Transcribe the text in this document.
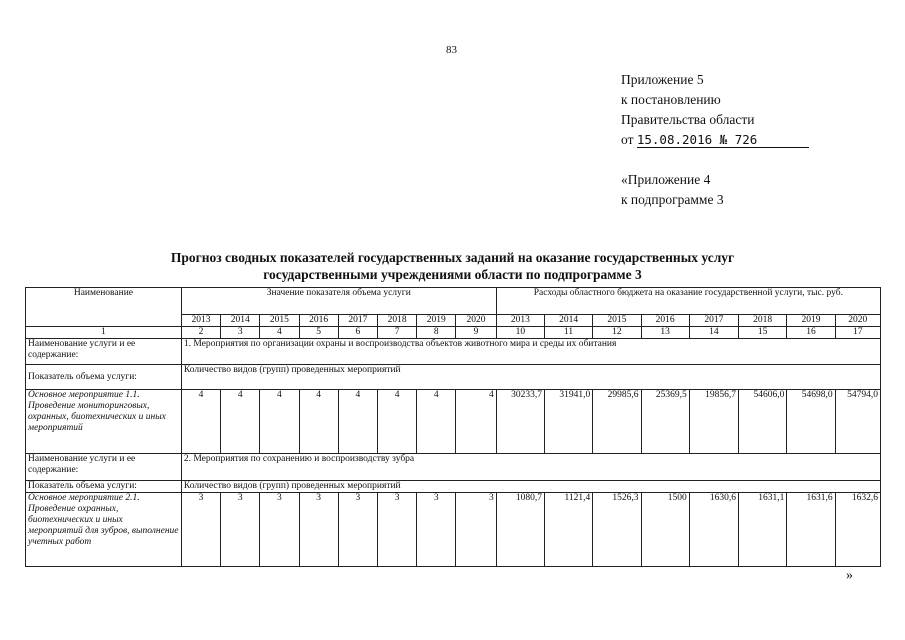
83
Приложение 5
к постановлению
Правительства области
от 15.08.2016 № 726
«Приложение 4
к подпрограмме 3
Прогноз сводных показателей государственных заданий на оказание государственных услуг
государственными учреждениями области по подпрограмме 3
Наименование	Значение показателя объема услуги								Расходы областного бюджета на оказание государственной услуги, тыс. руб.							
	2013	2014	2015	2016	2017	2018	2019	2020	2013	2014	2015	2016	2017	2018	2019	2020
1	2	3	4	5	6	7	8	9	10	11	12	13	14	15	16	17
Наименование услуги и ее содержание:	1. Мероприятия по организации охраны и воспроизводства объектов животного мира и среды их обитания															
Показатель объема услуги:	Количество видов (групп) проведенных мероприятий															
Основное мероприятие 1.1. Проведение мониторинговых, охранных, биотехнических и иных мероприятий	4	4	4	4	4	4	4	4	30233,7	31941,0	29985,6	25369,5	19856,7	54606,0	54698,0	54794,0
Наименование услуги и ее содержание:	2. Мероприятия по сохранению и воспроизводству зубра															
Показатель объема услуги:	Количество видов (групп) проведенных мероприятий															
Основное мероприятие 2.1. Проведение охранных, биотехнических и иных мероприятий для зубров, выполнение учетных работ	3	3	3	3	3	3	3	3	1080,7	1121,4	1526,3	1500	1630,6	1631,1	1631,6	1632,6
»
